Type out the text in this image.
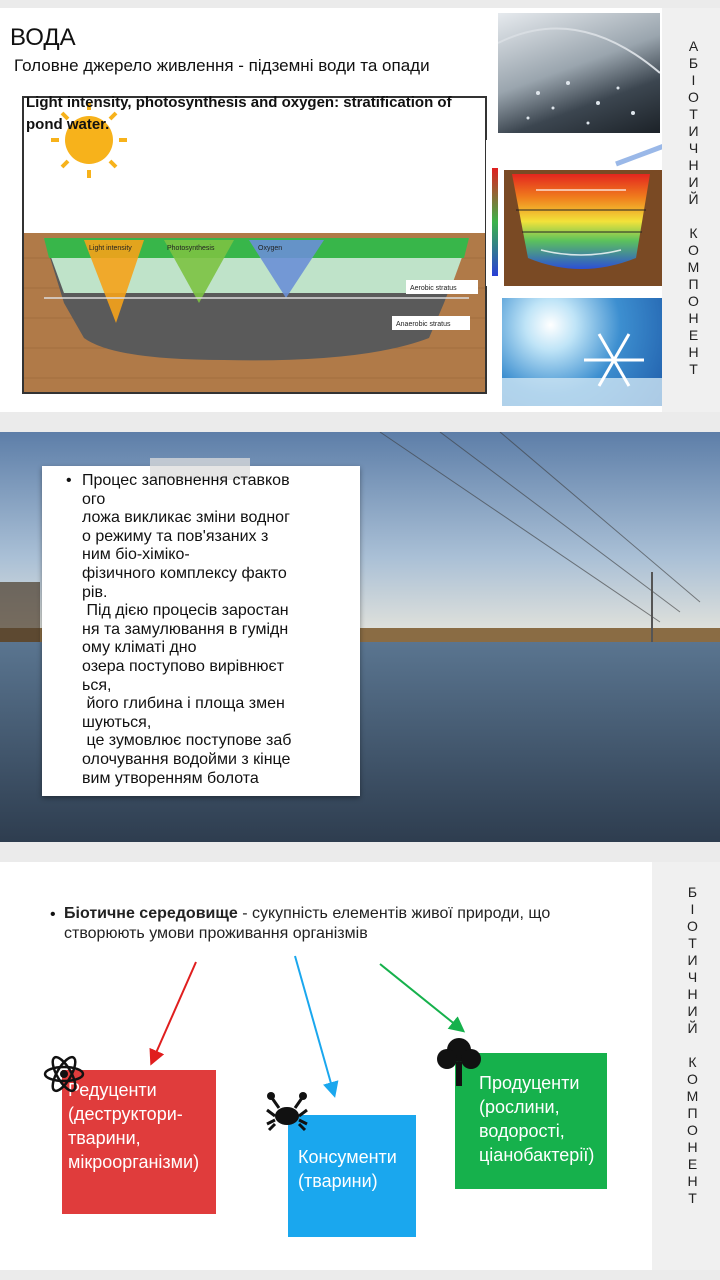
ВОДА
Головне джерело живлення - підземні води та опади
Light intensity	Photosynthesis	Oxygen
Aerobic stratus
Anaerobic stratus
Light intensity, photosynthesis and oxygen: stratification of pond water.
А
Б
І
О
Т
И
Ч
Н
И
Й

К
О
М
П
О
Н
Е
Н
Т
• Процес заповнення ставков
ого
ложа викликає зміни водног
о режиму та пов'язаних з
ним біо-хіміко-
фізичного комплексу факто
рів.
Під дією процесів заростан
ня та замулювання в гумідн
ому кліматі дно
озера поступово вирівнюєт
ься,
його глибина і площа змен
шуються,
це зумовлює поступове заб
олочування водойми з кінце
вим утворенням болота
• Біотичне середовище - сукупність елементів живої природи, що створюють умови проживання організмів
Редуценти (деструктори-тварини, мікроорганізми)	Консументи (тварини)
Продуценти (рослини, водорості, ціанобактерії)
Б
І
О
Т
И
Ч
Н
И
Й

К
О
М
П
О
Н
Е
Н
Т
